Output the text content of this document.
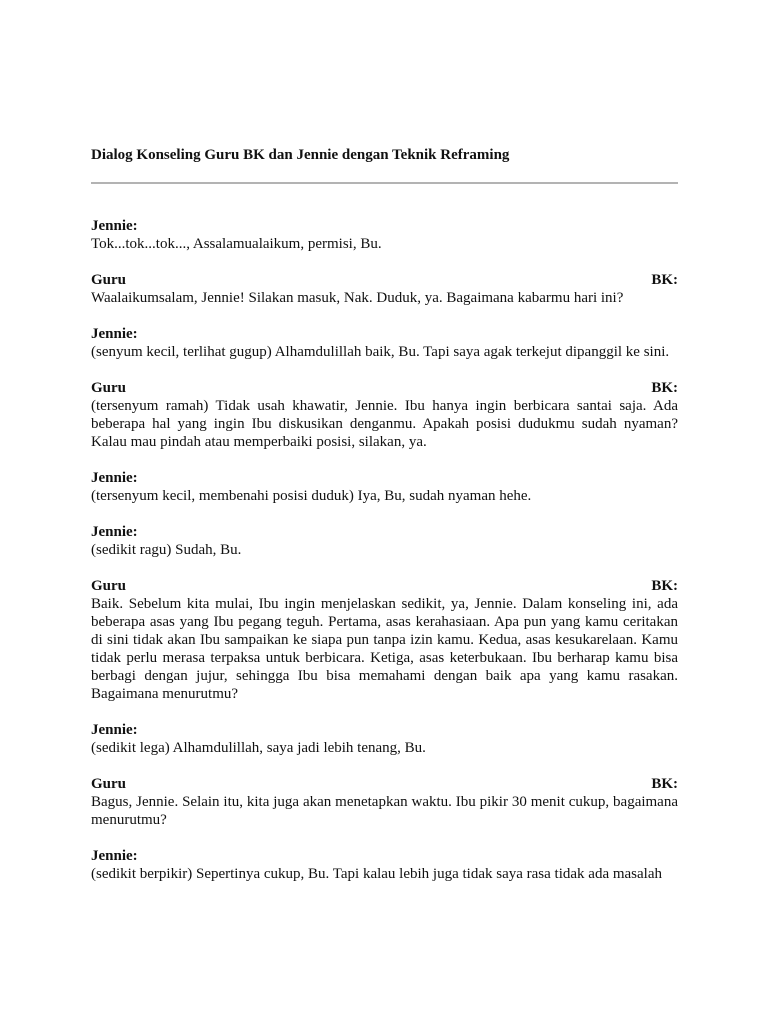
Dialog Konseling Guru BK dan Jennie dengan Teknik Reframing
Jennie:
Tok...tok...tok..., Assalamualaikum, permisi, Bu.
Guru	BK:
Waalaikumsalam, Jennie! Silakan masuk, Nak. Duduk, ya. Bagaimana kabarmu hari ini?
Jennie:
(senyum kecil, terlihat gugup) Alhamdulillah baik, Bu. Tapi saya agak terkejut dipanggil ke sini.
Guru	BK:
(tersenyum ramah) Tidak usah khawatir, Jennie. Ibu hanya ingin berbicara santai saja. Ada beberapa hal yang ingin Ibu diskusikan denganmu. Apakah posisi dudukmu sudah nyaman? Kalau mau pindah atau memperbaiki posisi, silakan, ya.
Jennie:
(tersenyum kecil, membenahi posisi duduk) Iya, Bu, sudah nyaman hehe.
Jennie:
(sedikit ragu) Sudah, Bu.
Guru	BK:
Baik. Sebelum kita mulai, Ibu ingin menjelaskan sedikit, ya, Jennie. Dalam konseling ini, ada beberapa asas yang Ibu pegang teguh. Pertama, asas kerahasiaan. Apa pun yang kamu ceritakan di sini tidak akan Ibu sampaikan ke siapa pun tanpa izin kamu. Kedua, asas kesukarelaan. Kamu tidak perlu merasa terpaksa untuk berbicara. Ketiga, asas keterbukaan. Ibu berharap kamu bisa berbagi dengan jujur, sehingga Ibu bisa memahami dengan baik apa yang kamu rasakan. Bagaimana menurutmu?
Jennie:
(sedikit lega) Alhamdulillah, saya jadi lebih tenang, Bu.
Guru	BK:
Bagus, Jennie. Selain itu, kita juga akan menetapkan waktu. Ibu pikir 30 menit cukup, bagaimana menurutmu?
Jennie:
(sedikit berpikir) Sepertinya cukup, Bu. Tapi kalau lebih juga tidak saya rasa tidak ada masalah
